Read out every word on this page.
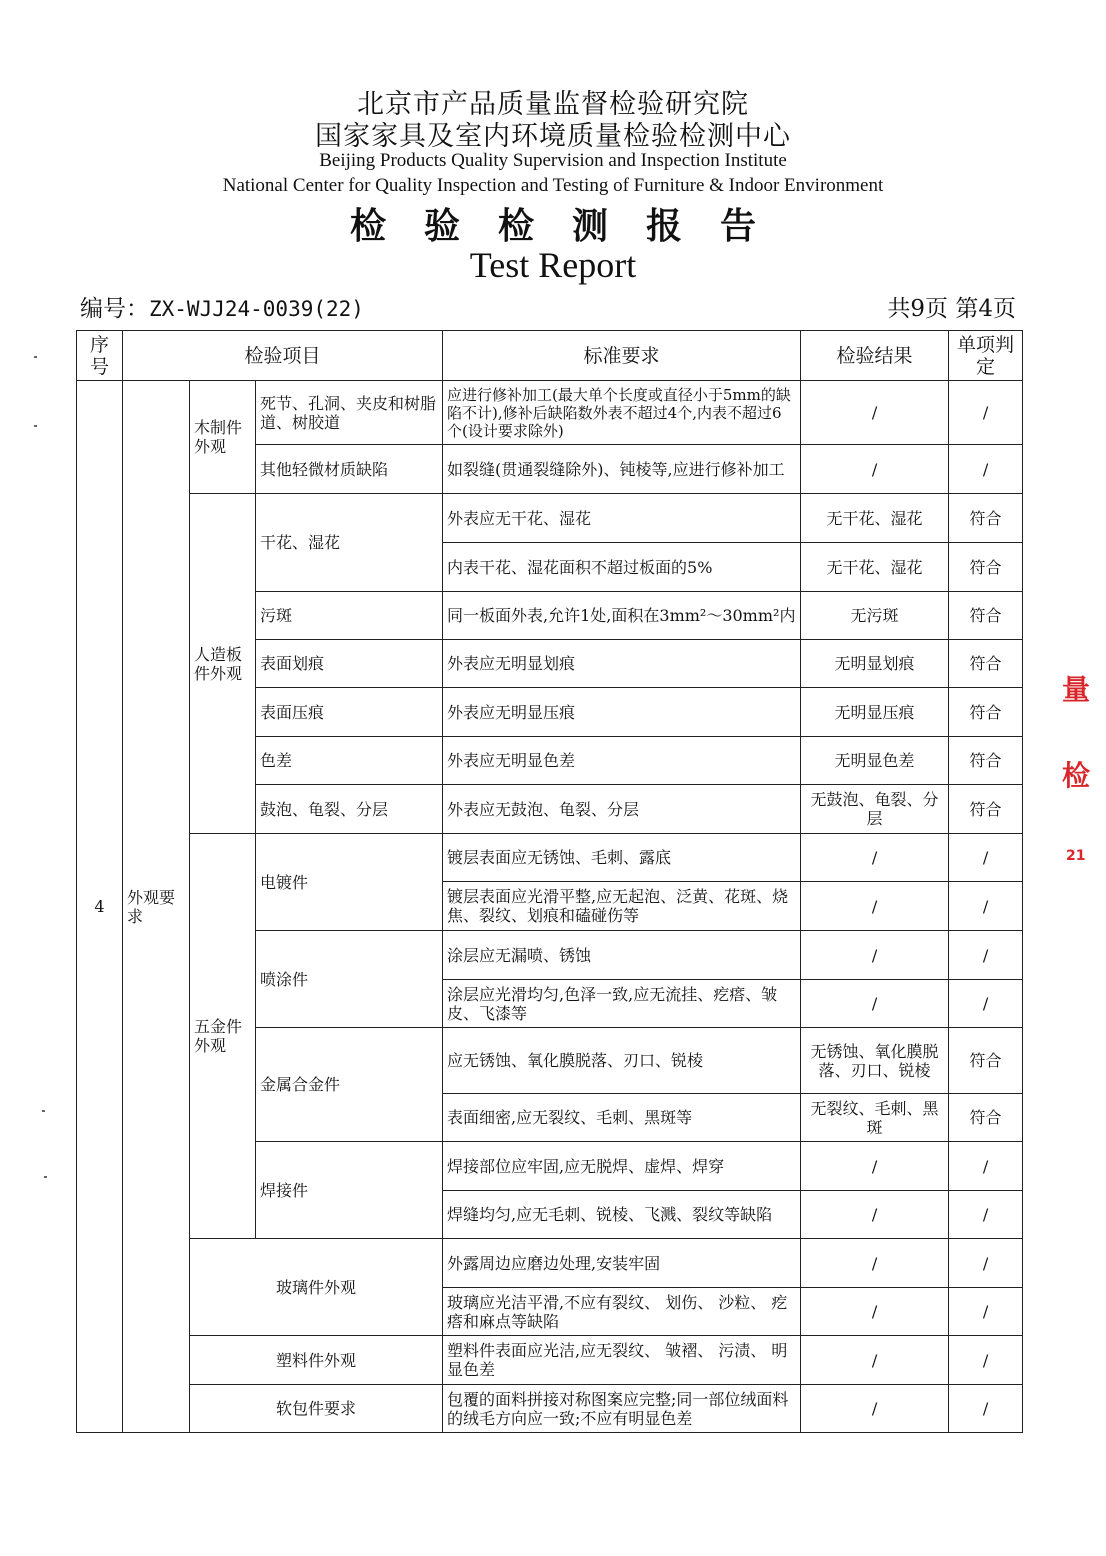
北京市产品质量监督检验研究院
国家家具及室内环境质量检验检测中心
Beijing Products Quality Supervision and Inspection Institute
National Center for Quality Inspection and Testing of Furniture & Indoor Environment
检验检测报告
Test Report
编号：ZX-WJJ24-0039(22)	共9页 第4页
序号	检验项目			标准要求	检验结果	单项判定
4	外观要求	木制件外观	死节、孔洞、夹皮和树脂道、树胶道	应进行修补加工(最大单个长度或直径小于5mm的缺陷不计),修补后缺陷数外表不超过4个,内表不超过6个(设计要求除外)	/	/
			其他轻微材质缺陷	如裂缝(贯通裂缝除外)、钝棱等,应进行修补加工	/	/
		人造板件外观	干花、湿花	外表应无干花、湿花	无干花、湿花	符合
				内表干花、湿花面积不超过板面的5%	无干花、湿花	符合
			污斑	同一板面外表,允许1处,面积在3mm²～30mm²内	无污斑	符合
			表面划痕	外表应无明显划痕	无明显划痕	符合
			表面压痕	外表应无明显压痕	无明显压痕	符合
			色差	外表应无明显色差	无明显色差	符合
			鼓泡、龟裂、分层	外表应无鼓泡、龟裂、分层	无鼓泡、龟裂、分层	符合
		五金件外观	电镀件	镀层表面应无锈蚀、毛刺、露底	/	/
				镀层表面应光滑平整,应无起泡、泛黄、花斑、烧焦、裂纹、划痕和磕碰伤等	/	/
			喷涂件	涂层应无漏喷、锈蚀	/	/
				涂层应光滑均匀,色泽一致,应无流挂、疙瘩、皱皮、飞漆等	/	/
			金属合金件	应无锈蚀、氧化膜脱落、刃口、锐棱	无锈蚀、氧化膜脱落、刃口、锐棱	符合
				表面细密,应无裂纹、毛刺、黑斑等	无裂纹、毛刺、黑斑	符合
			焊接件	焊接部位应牢固,应无脱焊、虚焊、焊穿	/	/
				焊缝均匀,应无毛刺、锐棱、飞溅、裂纹等缺陷	/	/
		玻璃件外观		外露周边应磨边处理,安装牢固	/	/
				玻璃应光洁平滑,不应有裂纹、 划伤、 沙粒、 疙瘩和麻点等缺陷	/	/
		塑料件外观		塑料件表面应光洁,应无裂纹、 皱褶、 污渍、 明显色差	/	/
		软包件要求		包覆的面料拼接对称图案应完整;同一部位绒面料的绒毛方向应一致;不应有明显色差	/	/
量
检
21
